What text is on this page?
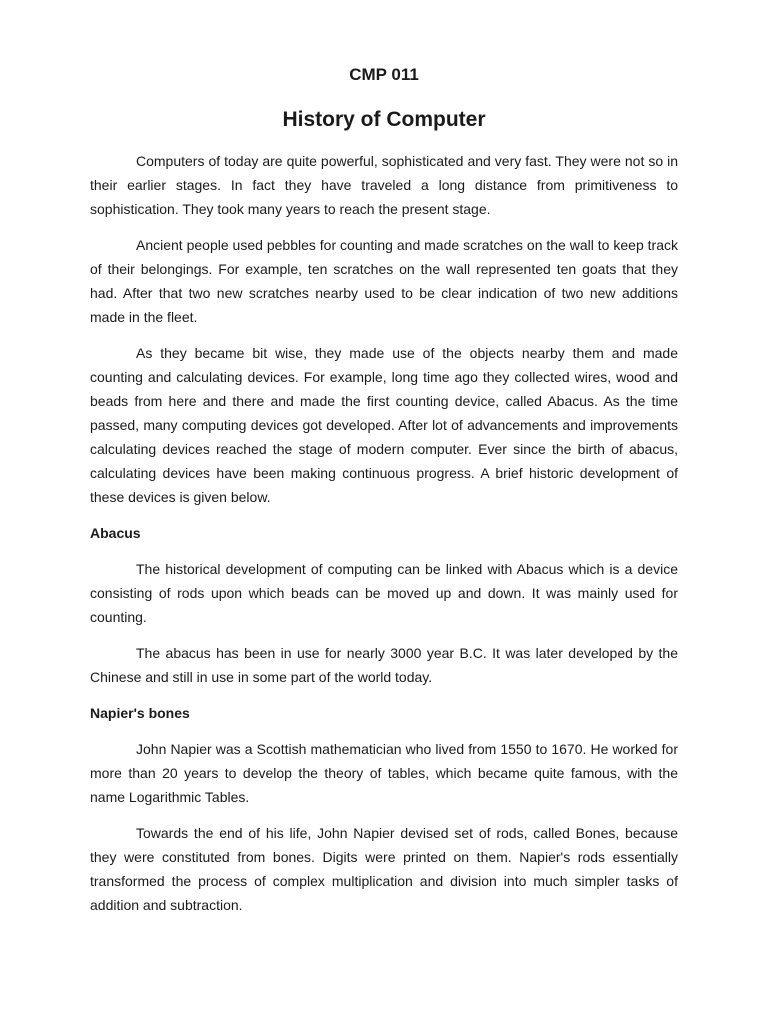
CMP 011
History of Computer

Computers of today are quite powerful, sophisticated and very fast. They were not so in their earlier stages. In fact they have traveled a long distance from primitiveness to sophistication. They took many years to reach the present stage.

Ancient people used pebbles for counting and made scratches on the wall to keep track of their belongings. For example, ten scratches on the wall represented ten goats that they had. After that two new scratches nearby used to be clear indication of two new additions made in the fleet.

As they became bit wise, they made use of the objects nearby them and made counting and calculating devices. For example, long time ago they collected wires, wood and beads from here and there and made the first counting device, called Abacus. As the time passed, many computing devices got developed. After lot of advancements and improvements calculating devices reached the stage of modern computer. Ever since the birth of abacus, calculating devices have been making continuous progress. A brief historic development of these devices is given below.

Abacus

The historical development of computing can be linked with Abacus which is a device consisting of rods upon which beads can be moved up and down. It was mainly used for counting.

The abacus has been in use for nearly 3000 year B.C. It was later developed by the Chinese and still in use in some part of the world today.

Napier's bones

John Napier was a Scottish mathematician who lived from 1550 to 1670. He worked for more than 20 years to develop the theory of tables, which became quite famous, with the name Logarithmic Tables.

Towards the end of his life, John Napier devised set of rods, called Bones, because they were constituted from bones. Digits were printed on them. Napier's rods essentially transformed the process of complex multiplication and division into much simpler tasks of addition and subtraction.
